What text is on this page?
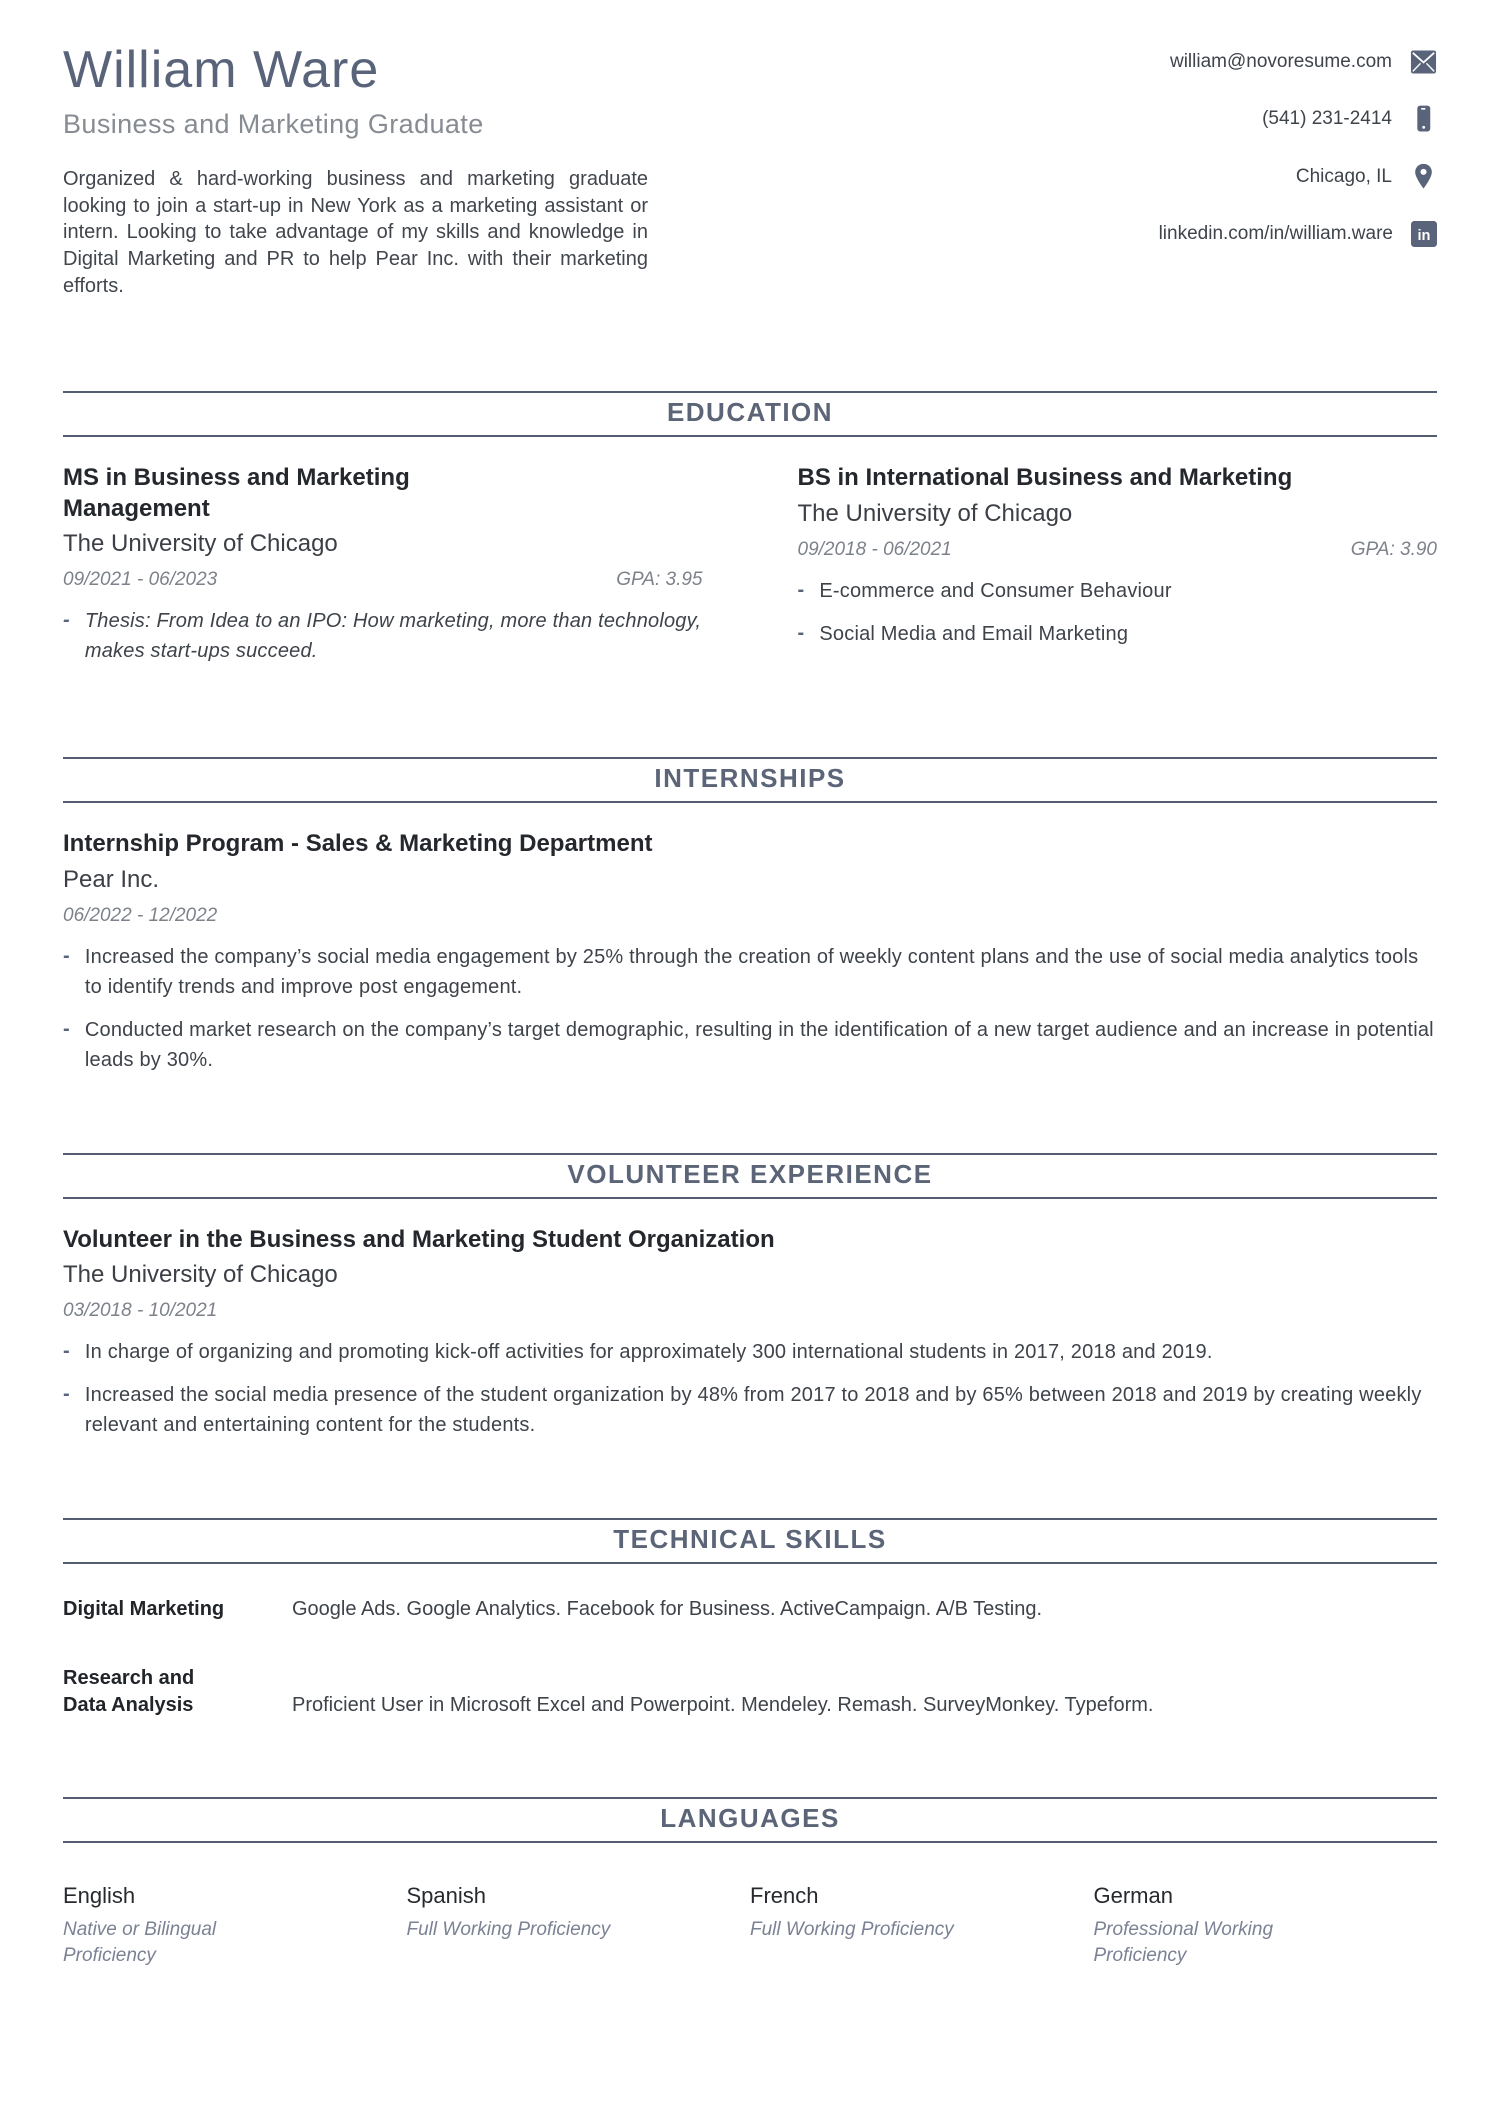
William Ware
Business and Marketing Graduate

Organized & hard-working business and marketing graduate looking to join a start-up in New York as a marketing assistant or intern. Looking to take advantage of my skills and knowledge in Digital Marketing and PR to help Pear Inc. with their marketing efforts.

william@novoresume.com
(541) 231-2414
Chicago, IL
linkedin.com/in/william.ware in
EDUCATION
MS in Business and Marketing Management
The University of Chicago
09/2021 - 06/2023	GPA: 3.95
- Thesis: From Idea to an IPO: How marketing, more than technology, makes start-ups succeed.
BS in International Business and Marketing
The University of Chicago
09/2018 - 06/2021	GPA: 3.90
- E-commerce and Consumer Behaviour
- Social Media and Email Marketing
INTERNSHIPS
Internship Program - Sales & Marketing Department
Pear Inc.
06/2022 - 12/2022
- Increased the company’s social media engagement by 25% through the creation of weekly content plans and the use of social media analytics tools to identify trends and improve post engagement.
- Conducted market research on the company’s target demographic, resulting in the identification of a new target audience and an increase in potential leads by 30%.
VOLUNTEER EXPERIENCE
Volunteer in the Business and Marketing Student Organization
The University of Chicago
03/2018 - 10/2021
- In charge of organizing and promoting kick-off activities for approximately 300 international students in 2017, 2018 and 2019.
- Increased the social media presence of the student organization by 48% from 2017 to 2018 and by 65% between 2018 and 2019 by creating weekly relevant and entertaining content for the students.
TECHNICAL SKILLS
Digital Marketing	Google Ads. Google Analytics. Facebook for Business. ActiveCampaign. A/B Testing.
Research and Data Analysis	Proficient User in Microsoft Excel and Powerpoint. Mendeley. Remash. SurveyMonkey. Typeform.
LANGUAGES
English
Native or Bilingual Proficiency
Spanish
Full Working Proficiency
French
Full Working Proficiency
German
Professional Working Proficiency
